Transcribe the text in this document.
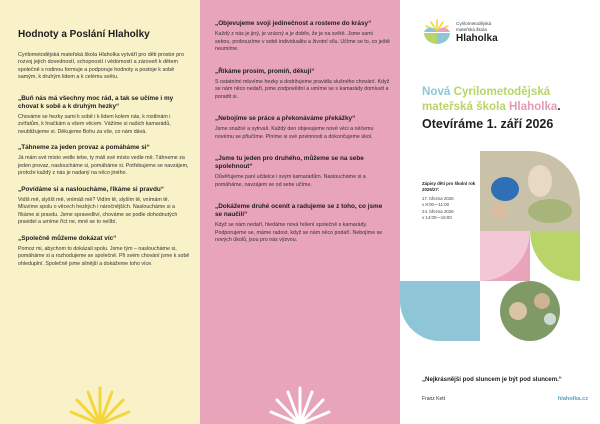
Hodnoty a Poslání Hlaholky
Cyrilometodějská mateřská škola Hlaholka vytváří pro děti prostor pro rozvoj jejich dovedností, schopností i vědomostí a zároveň k dětem společně s rodinou formuje a podporuje hodnoty a postoje k sobě samým, k druhým lidem a k celému světu.
„Buň nás má všechny moc rád, a tak se učíme i my chovat k sobě a k druhým hezky“
Chováme se hezky sami k sobě i k lidem kolem nás, k rostlinám i zvířatům, k hračkám a všem věcem. Vážíme si našich kamarádů, neubližujeme si. Děkujeme Bohu za vše, co nám dává.
„Táhneme za jeden provaz a pomáháme si“
Já mám své místo vedle tebe, ty máš své místo vedle mě. Táhneme za jeden provaz, nasloucháme si, pomáháme si. Potřebujeme se navzájem, protože každý z nás je nadaný na něco jiného.
„Povídáme si a nasloucháme, říkáme si pravdu“
Vidíš mě, slyšíš mě, vnímáš mě? Vidím tě, slyším tě, vnímám tě. Mluvíme spolu o věcech hezkých i náročnějších. Nasloucháme si a říkáme si pravdu. Jsme spravedliví, chováme se podle dohodnutých pravidel a umíme říct ne, mně se to nelíbí.
„Společně můžeme dokázat víc“
Pomoz mi, abychom to dokázali spolu. Jsme tým – nasloucháme si, pomáháme si a rozhodujeme se společně. Při svém chování jsme k sobě ohleduplní. Společně jsme silnější a dokážeme toho více.
„Objevujeme svoji jedinečnost a rosteme do krásy“
Každý z nás je jiný, je vzácný a je dobře, že je na světě. Jsme sami sebou, probouzíme v sobě individualitu a životní sílu. Učíme se to, co ještě neumíme.
„Říkáme prosím, promiň, děkuji“
S ostatními mluvíme hezky a dodržujeme pravidla slušného chování. Když se nám něco nedaří, jsme zodpovědní a umíme se s kamarády domluvit a poradit si.
„Nebojíme se práce a překonáváme překážky“
Jsme snaživí a vytrvalí. Každý den objevujeme nové věci a něčemu novému se přiučíme. Plníme si své povinnosti a dokončujeme úkol.
„Jsme tu jeden pro druhého, můžeme se na sebe spolehnout“
Důvěřujeme paní učitelce i svým kamarádům. Nasloucháme si a pomáháme, navzájem se od sebe učíme.
„Dokážeme druhé ocenit a radujeme se z toho, co jsme se naučili“
Když se nám nedaří, hledáme nová řešení společně s kamarády. Podporujeme se, máme radost, když se nám něco podaří. Nebojíme se nových úkolů, jsou pro nás výzvou.
Cyrilometodějská
mateřská škola
Hlaholka
Nová Cyrilometodějská
mateřská škola Hlaholka.
Otevíráme 1. září 2026
Zápisy dětí pro školní rok 2026/27:
17. března 2026
v 8:00—11:00
24. března 2026
v 14:00—16:00
„Nejkrásnější pod sluncem je být pod sluncem.“
Franz Kett	hlaholka.cz
